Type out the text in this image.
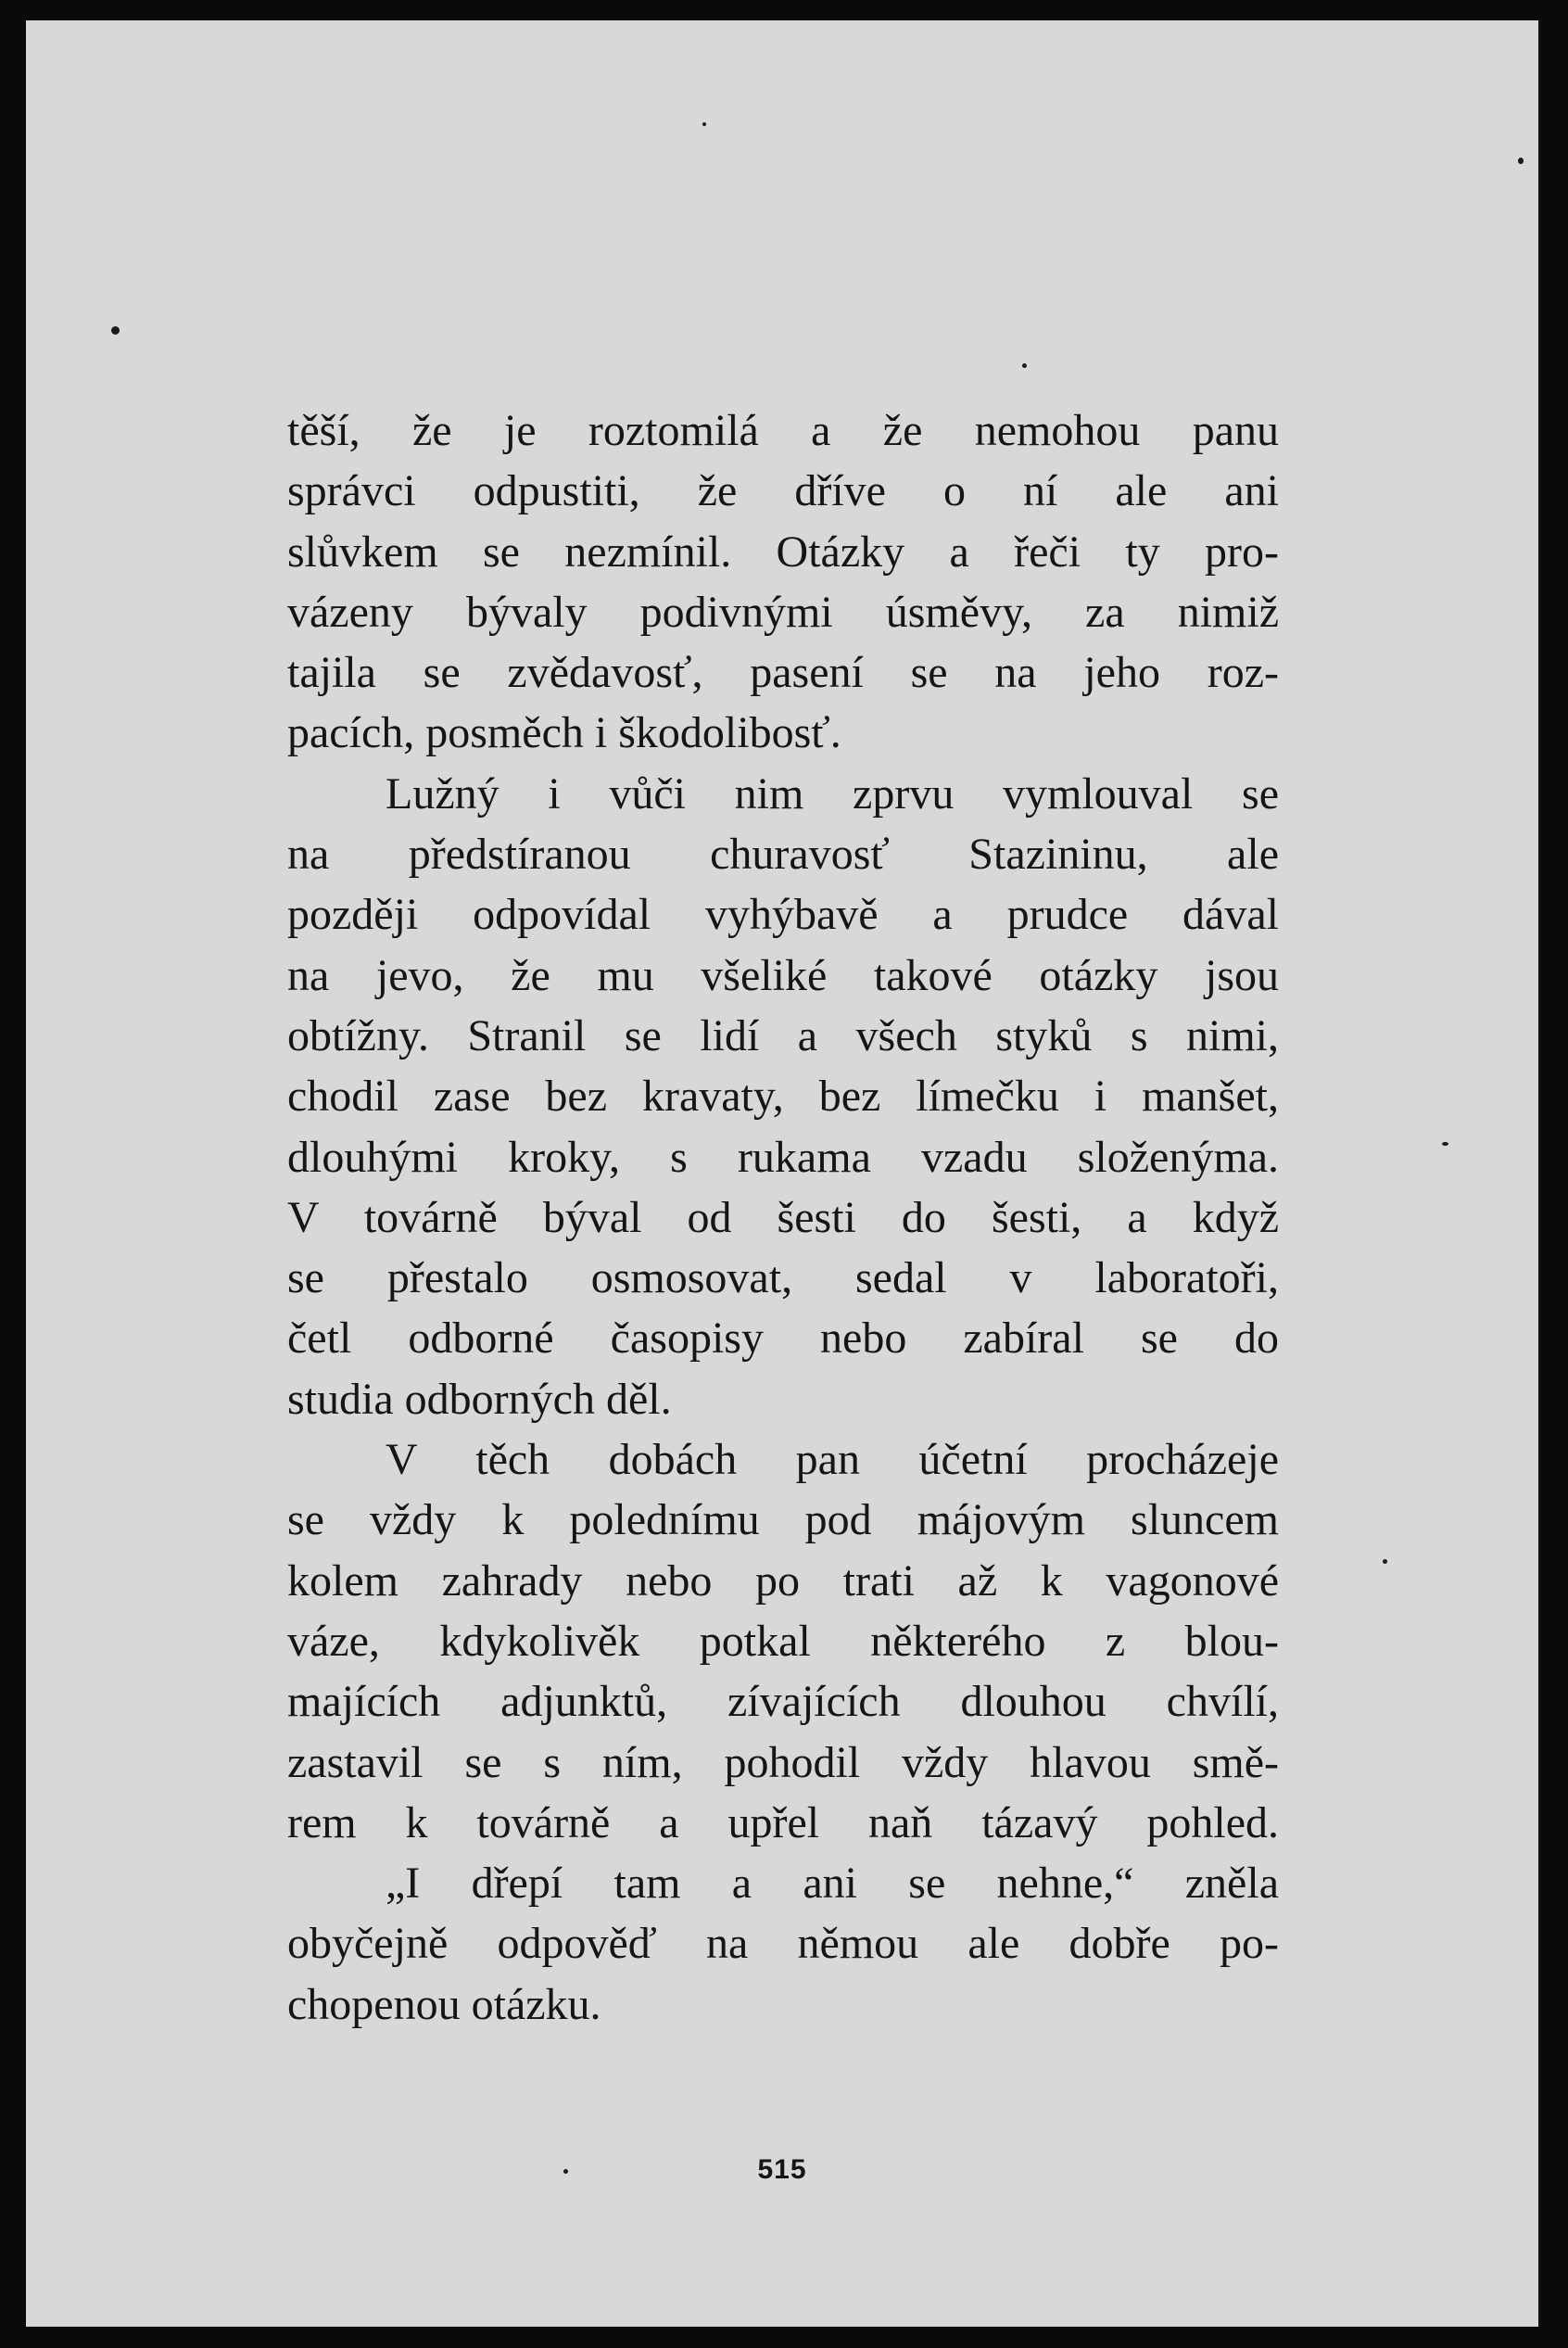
těší, že je roztomilá a že nemohou panu
správci odpustiti, že dříve o ní ale ani
slůvkem se nezmínil. Otázky a řeči ty pro-
vázeny bývaly podivnými úsměvy, za nimiž
tajila se zvědavosť, pasení se na jeho roz-
pacích, posměch i škodolibosť.
Lužný i vůči nim zprvu vymlouval se
na předstíranou churavosť Stazininu, ale
později odpovídal vyhýbavě a prudce dával
na jevo, že mu všeliké takové otázky jsou
obtížny. Stranil se lidí a všech styků s nimi,
chodil zase bez kravaty, bez límečku i manšet,
dlouhými kroky, s rukama vzadu složenýma.
V továrně býval od šesti do šesti, a když
se přestalo osmosovat, sedal v laboratoři,
četl odborné časopisy nebo zabíral se do
studia odborných děl.
V těch dobách pan účetní procházeje
se vždy k polednímu pod májovým sluncem
kolem zahrady nebo po trati až k vagonové
váze, kdykolivěk potkal některého z blou-
majících adjunktů, zívajících dlouhou chvílí,
zastavil se s ním, pohodil vždy hlavou smě-
rem k továrně a upřel naň tázavý pohled.
„I dřepí tam a ani se nehne,“ zněla
obyčejně odpověď na němou ale dobře po-
chopenou otázku.
515
